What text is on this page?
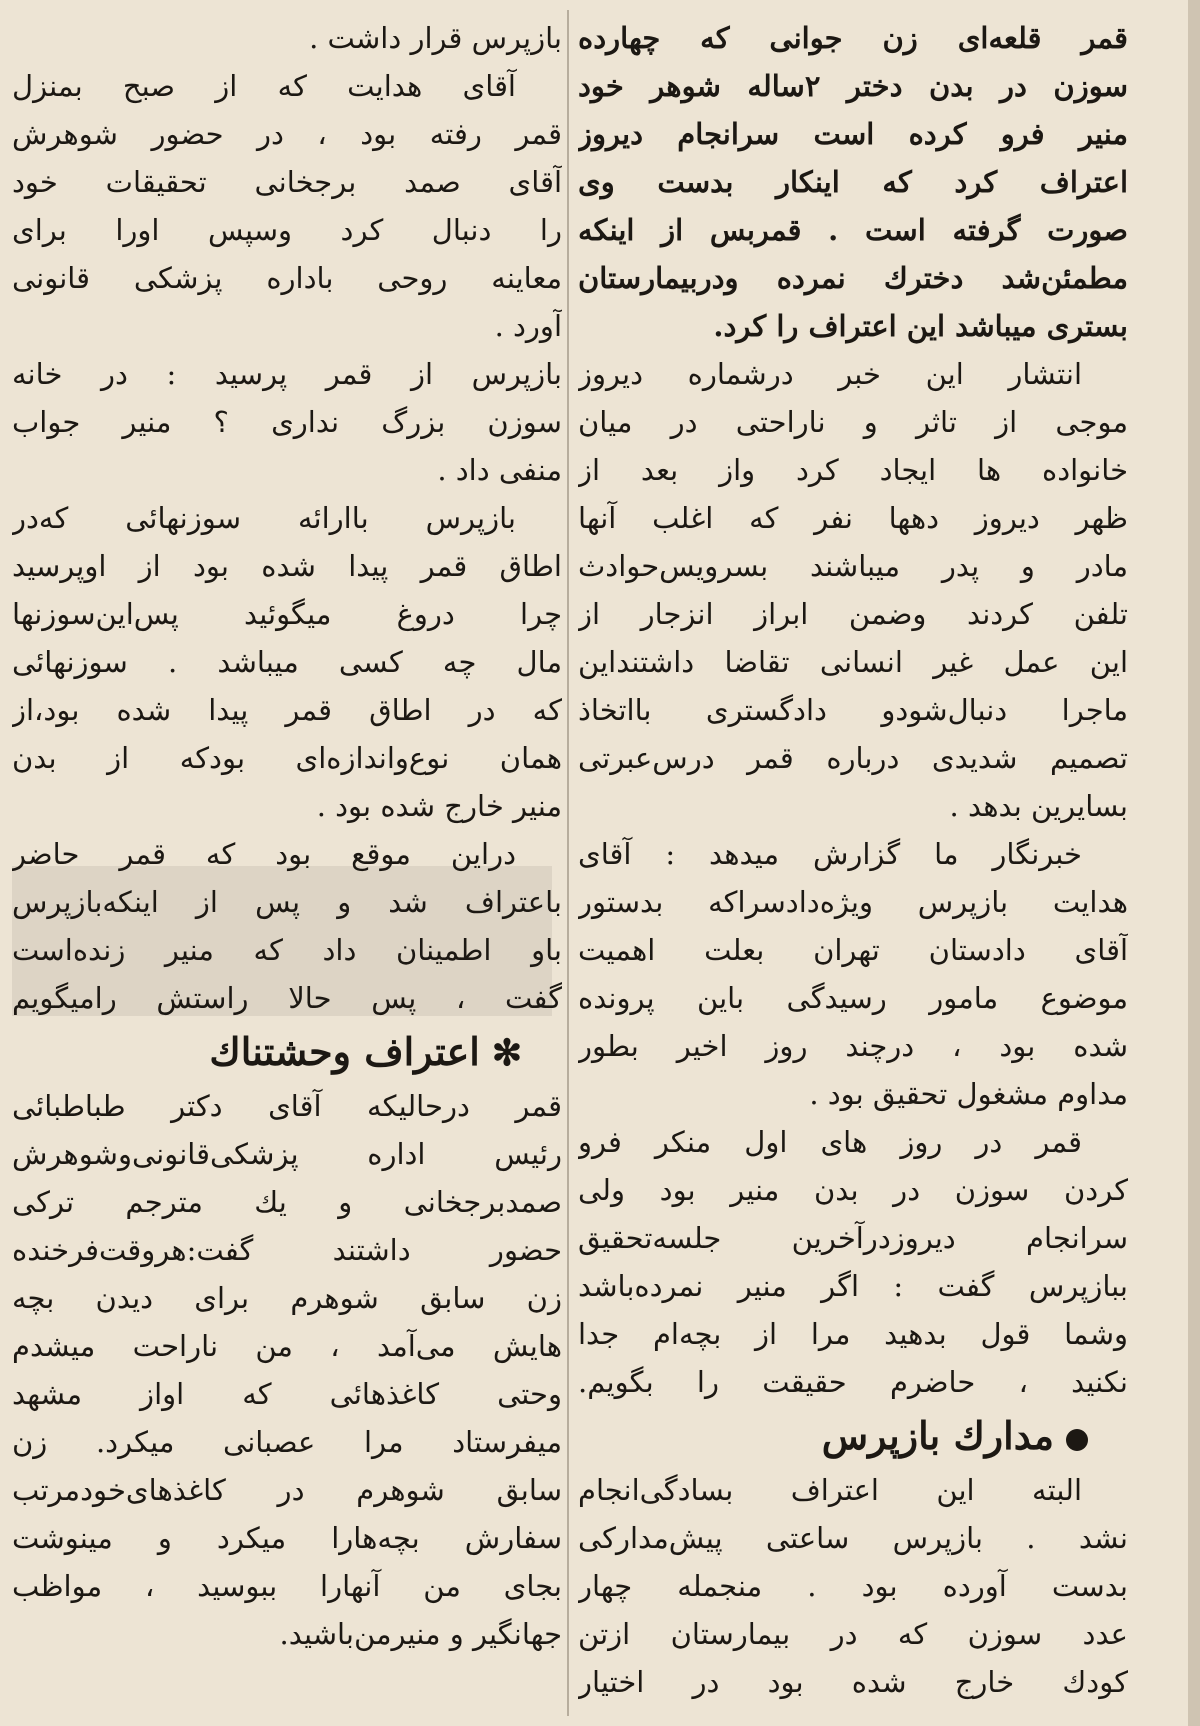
قمر قلعه‌ای زن جوانی که چهارده
سوزن در بدن دختر ۲ساله شوهر خود
منیر فرو کرده است سرانجام دیروز
اعتراف کرد که اینکار بدست وی
صورت گرفته است . قمربس از اینکه
مطمئن‌شد دخترك نمرده ودربیمارستان
بستری میباشد این اعتراف را کرد.
انتشار این خبر درشماره دیروز
موجی از تاثر و ناراحتی در میان
خانواده ها ایجاد کرد واز بعد از
ظهر دیروز دهها نفر که اغلب آنها
مادر و پدر میباشند بسرویس‌حوادث
تلفن کردند وضمن ابراز انزجار از
این عمل غیر انسانی تقاضا داشتنداین
ماجرا دنبال‌شودو دادگستری بااتخاذ
تصمیم شدیدی درباره قمر درس‌عبرتی
بسایرین بدهد .
خبرنگار ما گزارش میدهد : آقای
هدایت بازپرس ویژه‌دادسراکه بدستور
آقای دادستان تهران بعلت اهمیت
موضوع مامور رسیدگی باین پرونده
شده بود ، درچند روز اخیر بطور
مداوم مشغول تحقیق بود .
قمر در روز های اول منکر فرو
کردن سوزن در بدن منیر بود ولی
سرانجام دیروزدرآخرین جلسه‌تحقیق
ببازپرس گفت : اگر منیر نمرده‌باشد
وشما قول بدهید مرا از بچه‌ام جدا
نکنید ، حاضرم حقیقت را بگویم.
مدارك بازپرس
البته این اعتراف بسادگی‌انجام
نشد . بازپرس ساعتی پیش‌مدارکی
بدست آورده بود . منجمله چهار
عدد سوزن که در بیمارستان ازتن
کودك خارج شده بود در اختیار
بازپرس قرار داشت .
آقای هدایت که از صبح بمنزل
قمر رفته بود ، در حضور شوهرش
آقای صمد برجخانی تحقیقات خود
را دنبال کرد وسپس اورا برای
معاینه روحی باداره پزشکی قانونی
آورد .
بازپرس از قمر پرسید : در خانه
سوزن بزرگ نداری ؟ منیر جواب
منفی داد .
بازپرس باارائه سوزنهائی که‌در
اطاق قمر پیدا شده بود از اوپرسید
چرا دروغ میگوئید پس‌این‌سوزنها
مال چه کسی میباشد . سوزنهائی
که در اطاق قمر پیدا شده بود،از
همان نوع‌واندازه‌ای بودکه از بدن
منیر خارج شده بود .
دراین موقع بود که قمر حاضر
باعتراف شد و پس از اینکه‌بازپرس
باو اطمینان داد که منیر زنده‌است
گفت ، پس حالا راستش رامیگویم
✻اعتراف وحشتناك
قمر درحالیکه آقای دکتر طباطبائی
رئیس اداره پزشکی‌قانونی‌وشوهرش
صمدبرجخانی و یك مترجم ترکی
حضور داشتند گفت:هروقت‌فرخنده
زن سابق شوهرم برای دیدن بچه‌
هایش می‌آمد ، من ناراحت میشدم
وحتی کاغذهائی که اواز مشهد
میفرستاد مرا عصبانی میکرد. زن
سابق شوهرم در کاغذهای‌خودمرتب
سفارش بچه‌هارا میکرد و مینوشت
بجای من آنهارا ببوسید ، مواظب
جهانگیر و منیرمن‌باشید.
